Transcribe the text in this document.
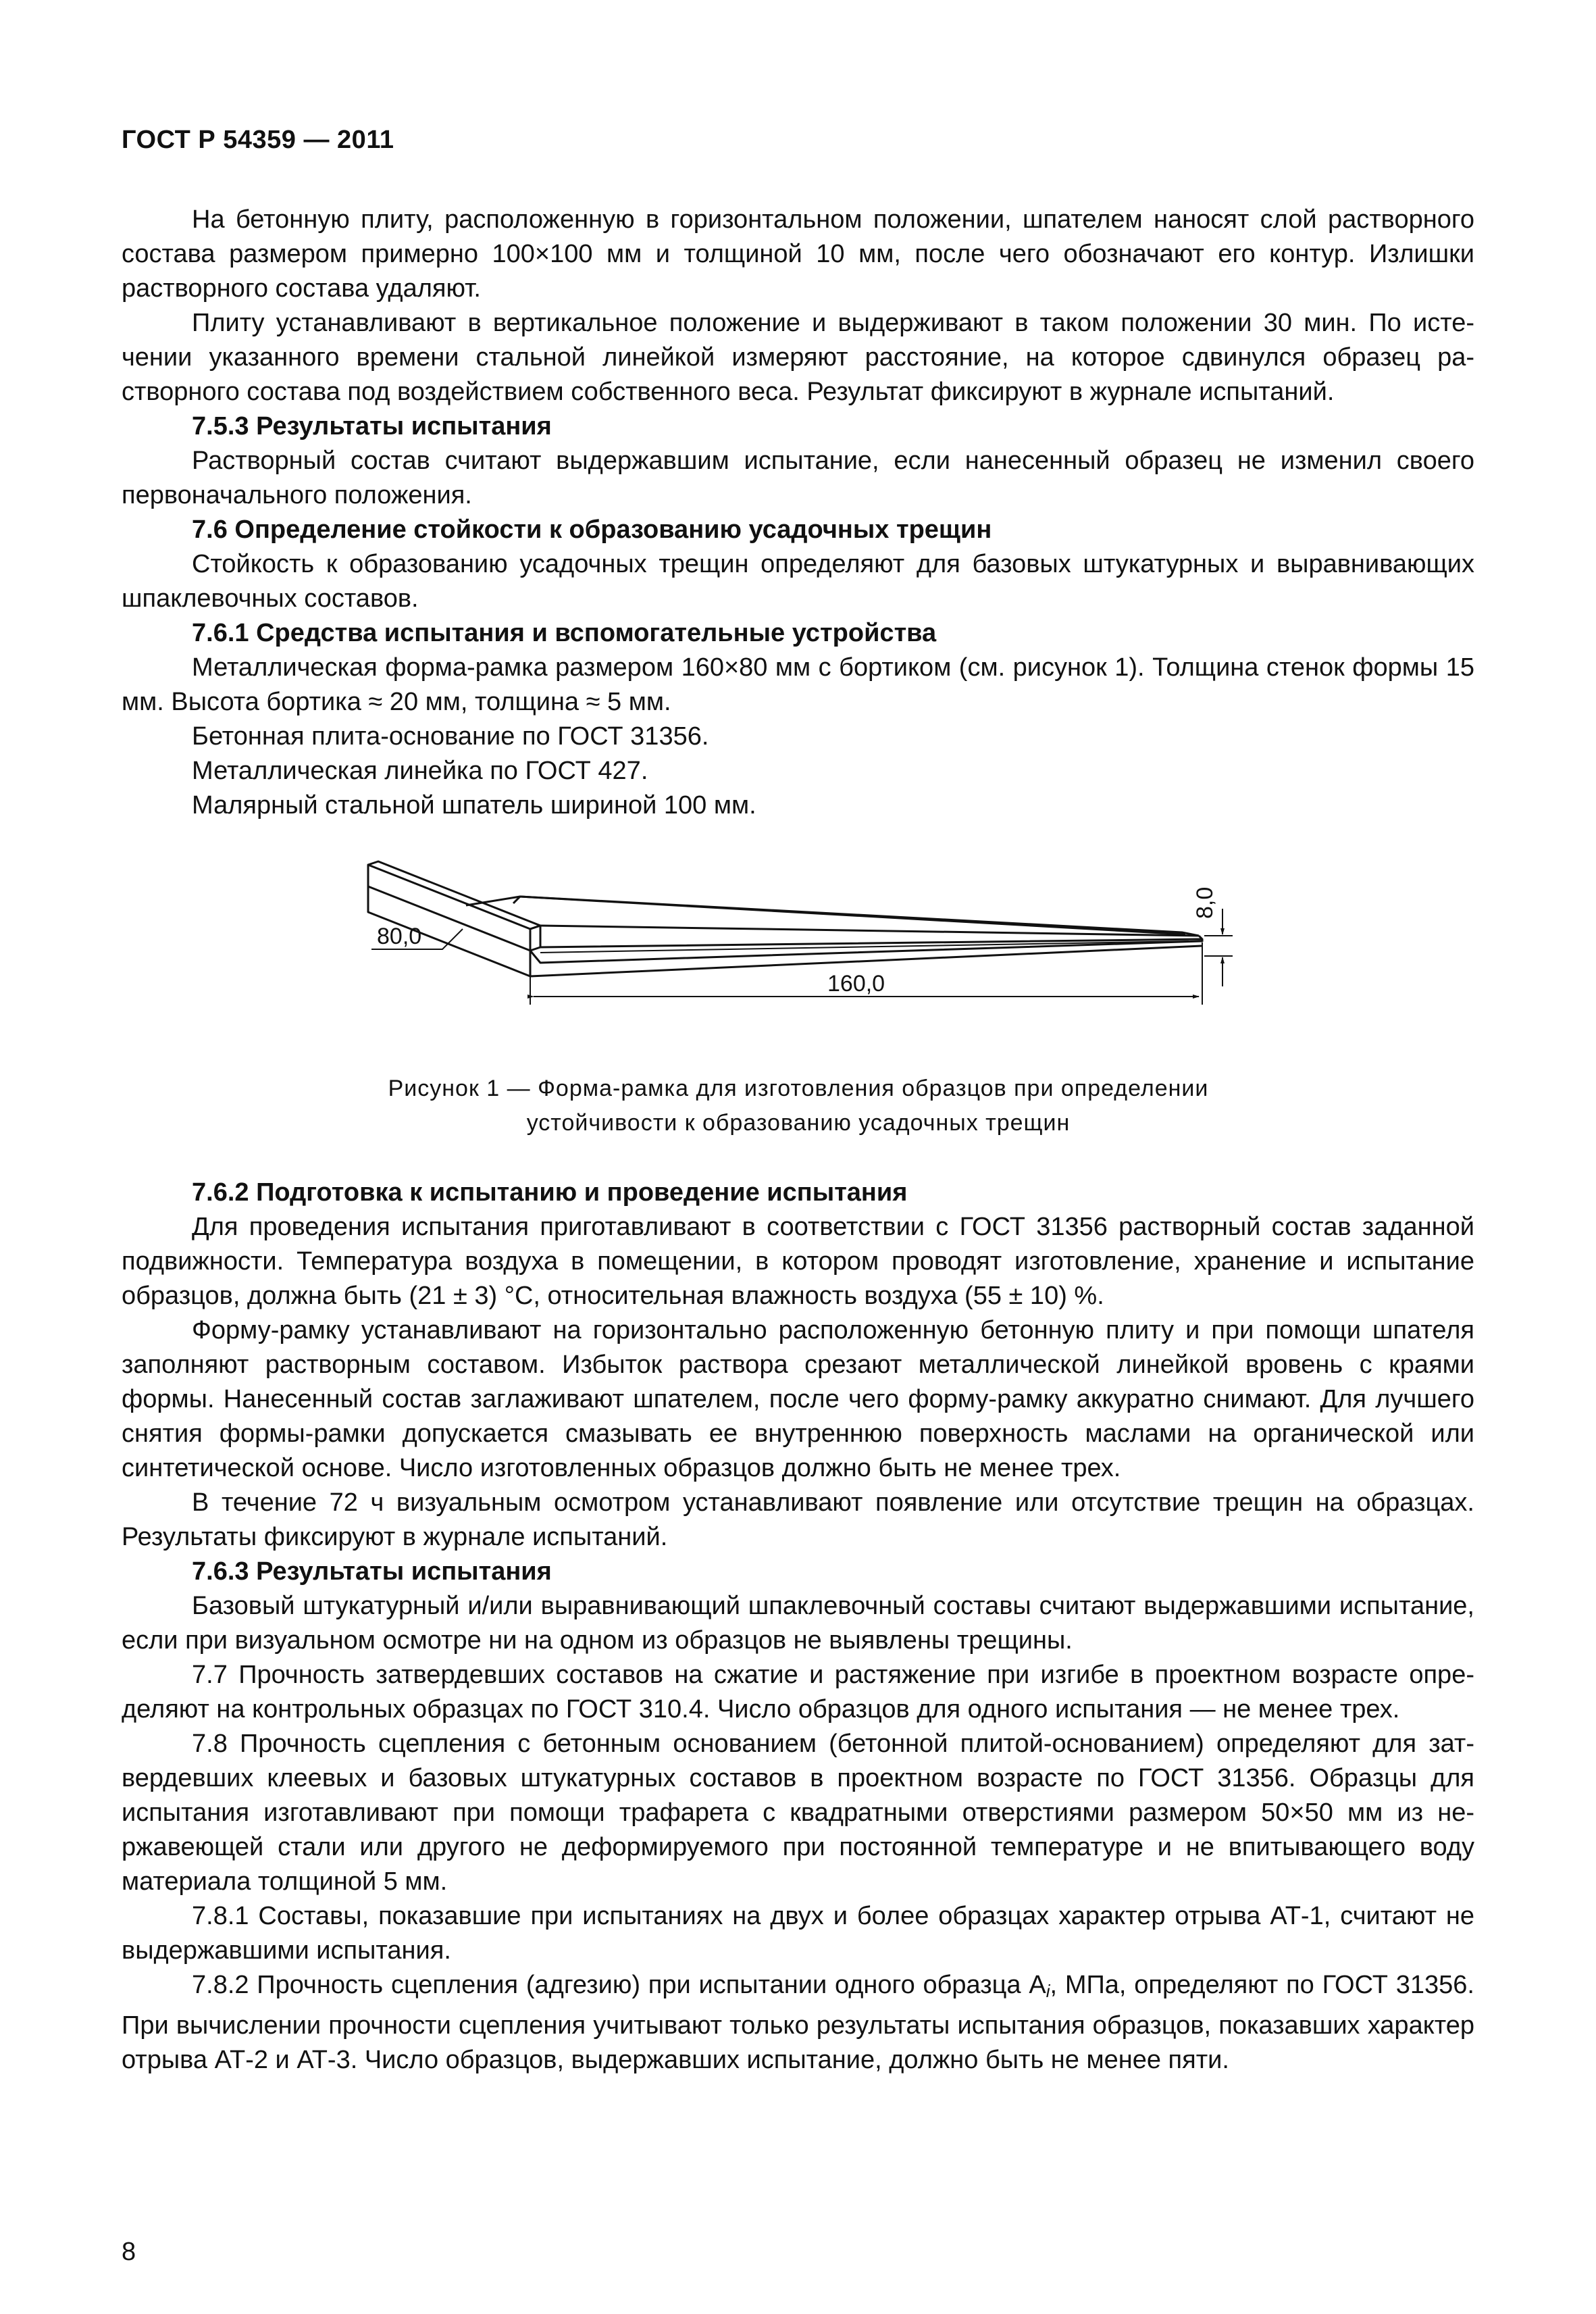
ГОСТ Р 54359 — 2011

На бетонную плиту, расположенную в горизонтальном положении, шпателем наносят слой растворного состава размером примерно 100×100 мм и толщиной 10 мм, после чего обозначают его контур. Излишки растворного состава удаляют.

Плиту устанавливают в вертикальное положение и выдерживают в таком положении 30 мин. По истечении указанного времени стальной линейкой измеряют расстояние, на которое сдвинулся образец растворного состава под воздействием собственного веса. Результат фиксируют в журнале испытаний.

7.5.3 Результаты испытания

Растворный состав считают выдержавшим испытание, если нанесенный образец не изменил своего первоначального положения.

7.6 Определение стойкости к образованию усадочных трещин

Стойкость к образованию усадочных трещин определяют для базовых штукатурных и выравнивающих шпаклевочных составов.

7.6.1 Средства испытания и вспомогательные устройства

Металлическая форма-рамка размером 160×80 мм с бортиком (см. рисунок 1). Толщина стенок формы 15 мм. Высота бортика ≈ 20 мм, толщина ≈ 5 мм.

Бетонная плита-основание по ГОСТ 31356.

Металлическая линейка по ГОСТ 427.

Малярный стальной шпатель шириной 100 мм.

80,0
160,0
8,0
Рисунок 1 — Форма-рамка для изготовления образцов при определении
устойчивости к образованию усадочных трещин

7.6.2 Подготовка к испытанию и проведение испытания

Для проведения испытания приготавливают в соответствии с ГОСТ 31356 растворный состав заданной подвижности. Температура воздуха в помещении, в котором проводят изготовление, хранение и испытание образцов, должна быть (21 ± 3) °С, относительная влажность воздуха (55 ± 10) %.

Форму-рамку устанавливают на горизонтально расположенную бетонную плиту и при помощи шпателя заполняют растворным составом. Избыток раствора срезают металлической линейкой вровень с краями формы. Нанесенный состав заглаживают шпателем, после чего форму-рамку аккуратно снимают. Для лучшего снятия формы-рамки допускается смазывать ее внутреннюю поверхность маслами на органической или синтетической основе. Число изготовленных образцов должно быть не менее трех.

В течение 72 ч визуальным осмотром устанавливают появление или отсутствие трещин на образцах. Результаты фиксируют в журнале испытаний.

7.6.3 Результаты испытания

Базовый штукатурный и/или выравнивающий шпаклевочный составы считают выдержавшими испытание, если при визуальном осмотре ни на одном из образцов не выявлены трещины.

7.7 Прочность затвердевших составов на сжатие и растяжение при изгибе в проектном возрасте определяют на контрольных образцах по ГОСТ 310.4. Число образцов для одного испытания — не менее трех.

7.8 Прочность сцепления с бетонным основанием (бетонной плитой-основанием) определяют для затвердевших клеевых и базовых штукатурных составов в проектном возрасте по ГОСТ 31356. Образцы для испытания изготавливают при помощи трафарета с квадратными отверстиями размером 50×50 мм из нержавеющей стали или другого не деформируемого при постоянной температуре и не впитывающего воду материала толщиной 5 мм.

7.8.1 Составы, показавшие при испытаниях на двух и более образцах характер отрыва АТ-1, считают не выдержавшими испытания.

7.8.2 Прочность сцепления (адгезию) при испытании одного образца $А_i$, МПа, определяют по ГОСТ 31356. При вычислении прочности сцепления учитывают только результаты испытания образцов, показавших характер отрыва АТ-2 и АТ-3. Число образцов, выдержавших испытание, должно быть не менее пяти.

8
